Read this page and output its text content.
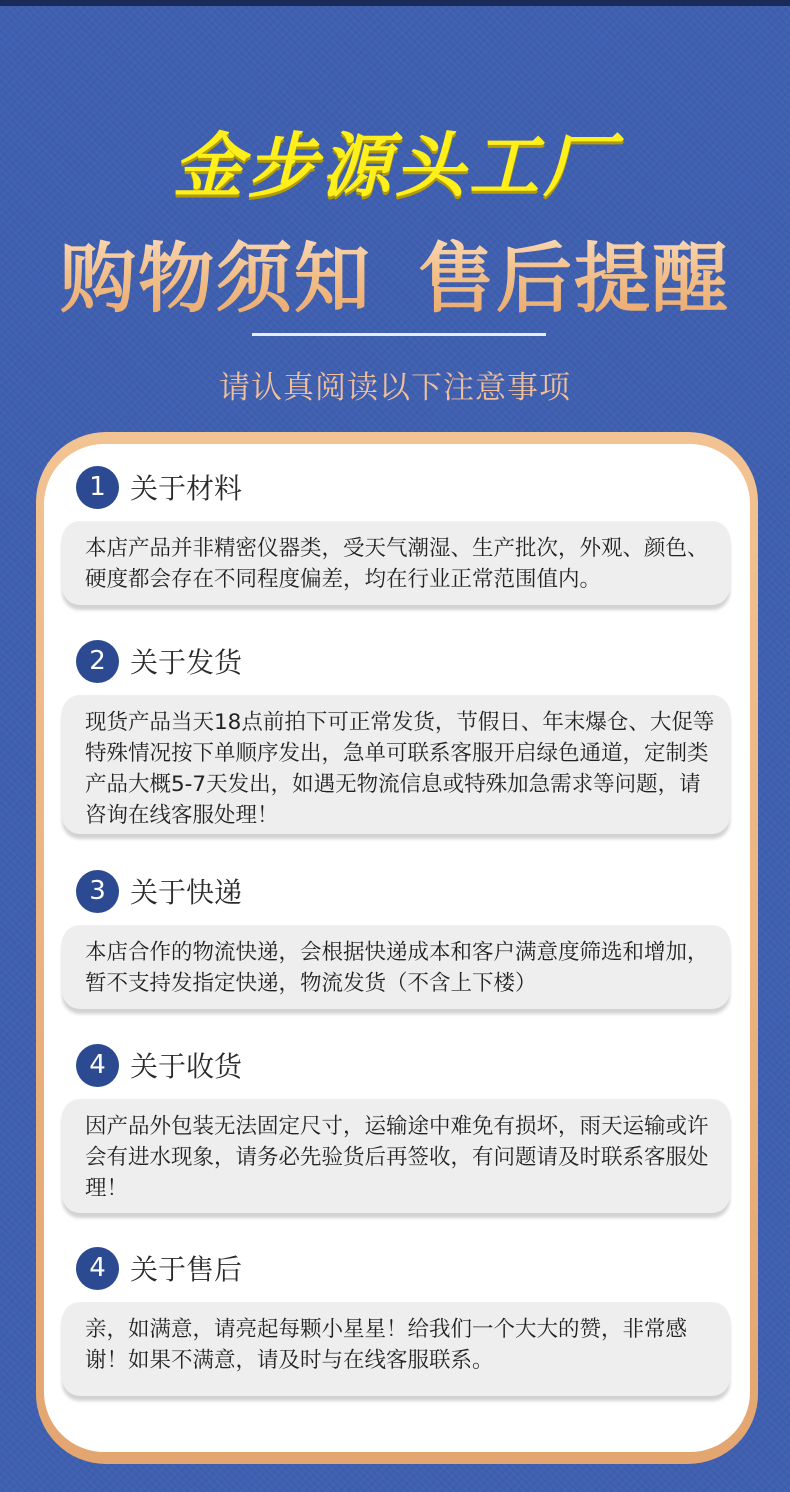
金步源头工厂
购物须知 售后提醒
请认真阅读以下注意事项
1 关于材料
本店产品并非精密仪器类，受天气潮湿、生产批次，外观、颜色、硬度都会存在不同程度偏差，均在行业正常范围值内。
2 关于发货
现货产品当天18点前拍下可正常发货，节假日、年末爆仓、大促等特殊情况按下单顺序发出，急单可联系客服开启绿色通道，定制类产品大概5-7天发出，如遇无物流信息或特殊加急需求等问题，请咨询在线客服处理！
3 关于快递
本店合作的物流快递，会根据快递成本和客户满意度筛选和增加，暂不支持发指定快递，物流发货（不含上下楼）
4 关于收货
因产品外包装无法固定尺寸，运输途中难免有损坏，雨天运输或许会有进水现象，请务必先验货后再签收，有问题请及时联系客服处理！
4 关于售后
亲，如满意，请亮起每颗小星星！给我们一个大大的赞，非常感谢！如果不满意，请及时与在线客服联系。
